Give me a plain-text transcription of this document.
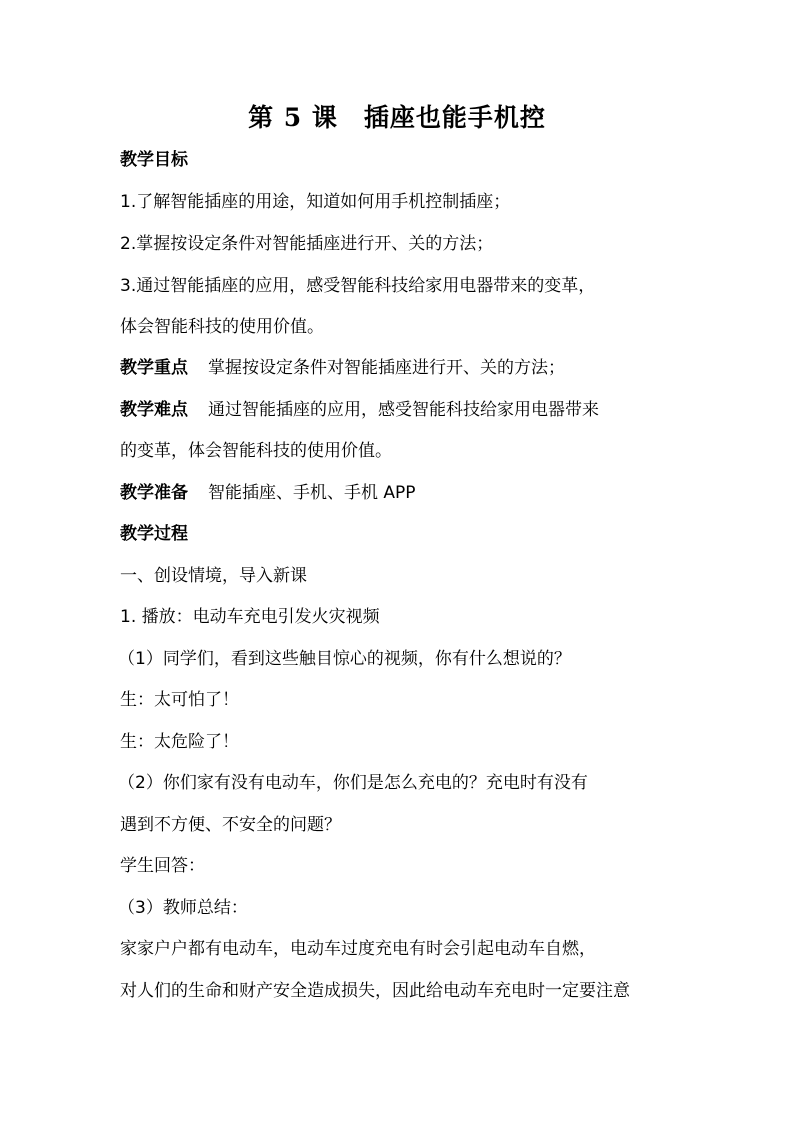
第 5 课 插座也能手机控
教学目标
1.了解智能插座的用途，知道如何用手机控制插座；
2.掌握按设定条件对智能插座进行开、关的方法；
3.通过智能插座的应用，感受智能科技给家用电器带来的变革，
体会智能科技的使用价值。
教学重点 掌握按设定条件对智能插座进行开、关的方法；
教学难点 通过智能插座的应用，感受智能科技给家用电器带来
的变革，体会智能科技的使用价值。
教学准备 智能插座、手机、手机 APP
教学过程
一、创设情境，导入新课
1. 播放：电动车充电引发火灾视频
（1）同学们，看到这些触目惊心的视频，你有什么想说的？
生：太可怕了！
生：太危险了！
（2）你们家有没有电动车，你们是怎么充电的？充电时有没有
遇到不方便、不安全的问题？
学生回答：
（3）教师总结：
家家户户都有电动车，电动车过度充电有时会引起电动车自燃，
对人们的生命和财产安全造成损失，因此给电动车充电时一定要注意
